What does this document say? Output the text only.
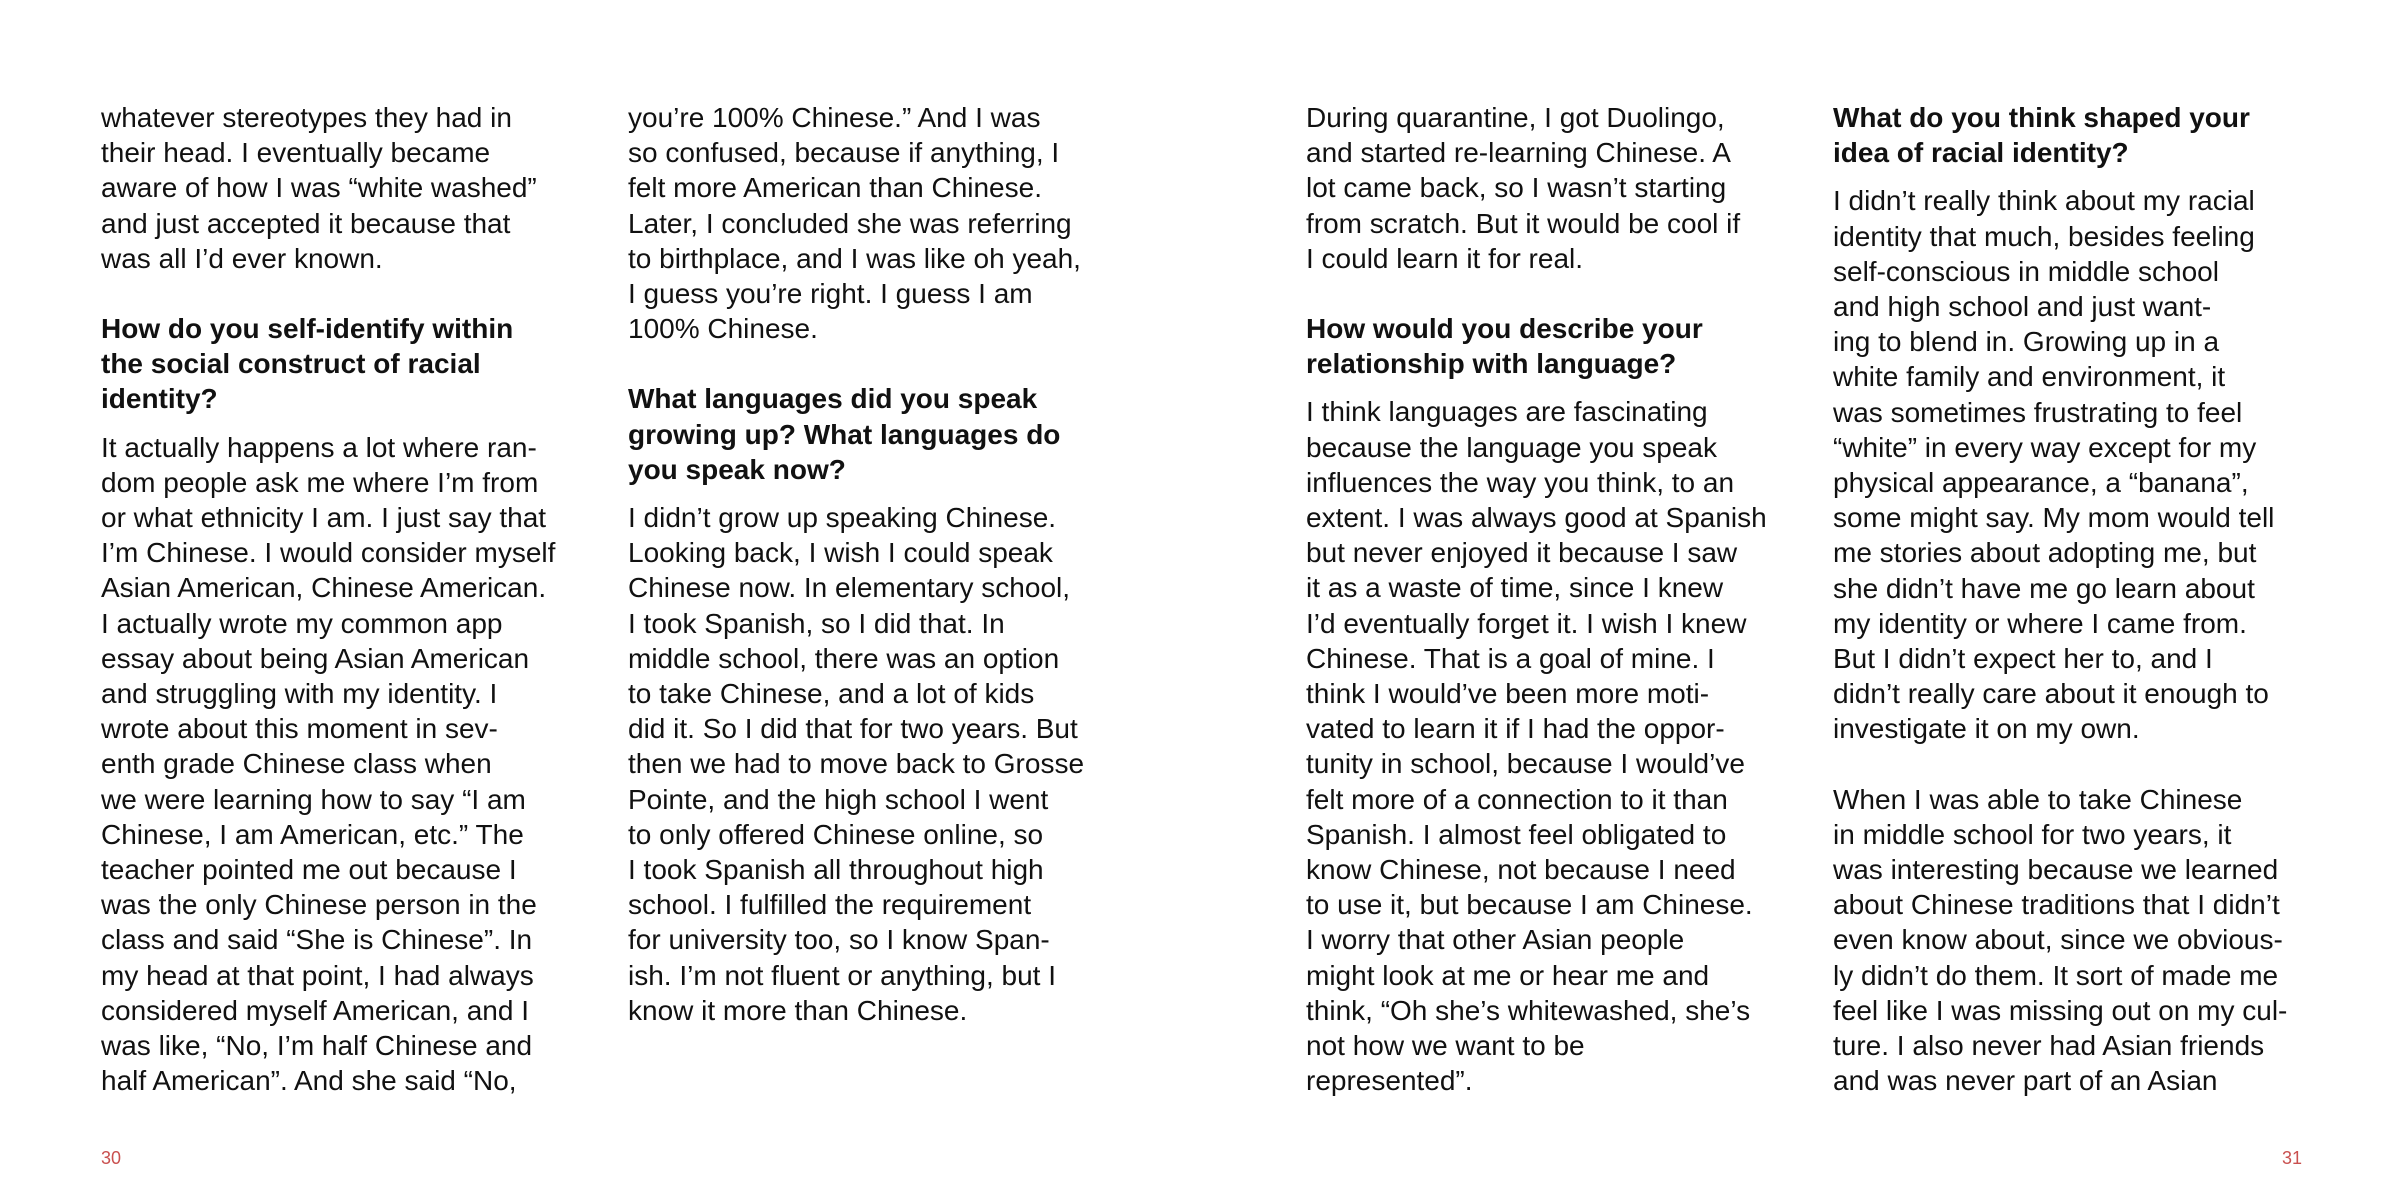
whatever stereotypes they had in
their head. I eventually became
aware of how I was “white washed”
and just accepted it because that
was all I’d ever known.

How do you self-identify within
the social construct of racial
identity?

It actually happens a lot where ran-
dom people ask me where I’m from
or what ethnicity I am. I just say that
I’m Chinese. I would consider myself
Asian American, Chinese American.
I actually wrote my common app
essay about being Asian American
and struggling with my identity. I
wrote about this moment in sev-
enth grade Chinese class when
we were learning how to say “I am
Chinese, I am American, etc.” The
teacher pointed me out because I
was the only Chinese person in the
class and said “She is Chinese”. In
my head at that point, I had always
considered myself American, and I
was like, “No, I’m half Chinese and
half American”. And she said “No,

you’re 100% Chinese.” And I was
so confused, because if anything, I
felt more American than Chinese.
Later, I concluded she was referring
to birthplace, and I was like oh yeah,
I guess you’re right. I guess I am
100% Chinese.

What languages did you speak
growing up? What languages do
you speak now?

I didn’t grow up speaking Chinese.
Looking back, I wish I could speak
Chinese now. In elementary school,
I took Spanish, so I did that. In
middle school, there was an option
to take Chinese, and a lot of kids
did it. So I did that for two years. But
then we had to move back to Grosse
Pointe, and the high school I went
to only offered Chinese online, so
I took Spanish all throughout high
school. I fulfilled the requirement
for university too, so I know Span-
ish. I’m not fluent or anything, but I
know it more than Chinese.

During quarantine, I got Duolingo,
and started re-learning Chinese. A
lot came back, so I wasn’t starting
from scratch. But it would be cool if
I could learn it for real.

How would you describe your
relationship with language?

I think languages are fascinating
because the language you speak
influences the way you think, to an
extent. I was always good at Spanish
but never enjoyed it because I saw
it as a waste of time, since I knew
I’d eventually forget it. I wish I knew
Chinese. That is a goal of mine. I
think I would’ve been more moti-
vated to learn it if I had the oppor-
tunity in school, because I would’ve
felt more of a connection to it than
Spanish. I almost feel obligated to
know Chinese, not because I need
to use it, but because I am Chinese.
I worry that other Asian people
might look at me or hear me and
think, “Oh she’s whitewashed, she’s
not how we want to be
represented”.

What do you think shaped your
idea of racial identity?

I didn’t really think about my racial
identity that much, besides feeling
self-conscious in middle school
and high school and just want-
ing to blend in. Growing up in a
white family and environment, it
was sometimes frustrating to feel
“white” in every way except for my
physical appearance, a “banana”,
some might say. My mom would tell
me stories about adopting me, but
she didn’t have me go learn about
my identity or where I came from.
But I didn’t expect her to, and I
didn’t really care about it enough to
investigate it on my own.

When I was able to take Chinese
in middle school for two years, it
was interesting because we learned
about Chinese traditions that I didn’t
even know about, since we obvious-
ly didn’t do them. It sort of made me
feel like I was missing out on my cul-
ture. I also never had Asian friends
and was never part of an Asian

30	31
